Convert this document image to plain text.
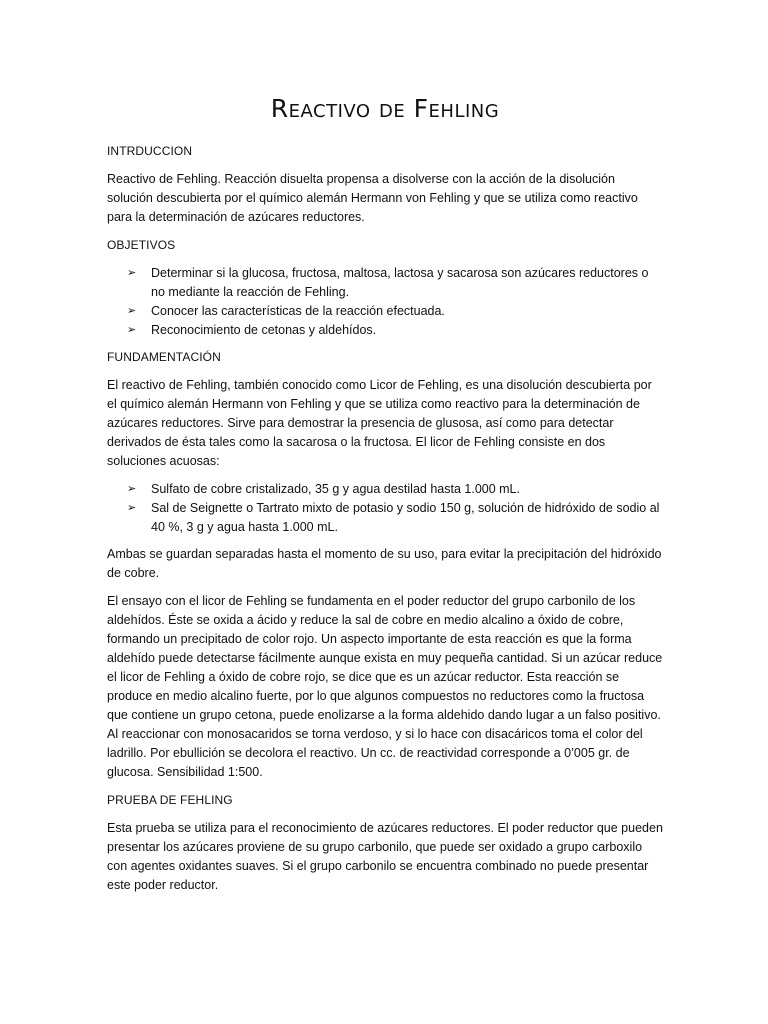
Reactivo de Fehling
INTRDUCCION

Reactivo de Fehling. Reacción disuelta propensa a disolverse con la acción de la disolución solución descubierta por el químico alemán Hermann von Fehling y que se utiliza como reactivo para la determinación de azúcares reductores.

OBJETIVOS
➢ Determinar si la glucosa, fructosa, maltosa, lactosa y sacarosa son azúcares reductores o no mediante la reacción de Fehling.
➢ Conocer las características de la reacción efectuada.
➢ Reconocimiento de cetonas y aldehídos.
FUNDAMENTACIÓN

El reactivo de Fehling, también conocido como Licor de Fehling, es una disolución descubierta por el químico alemán Hermann von Fehling y que se utiliza como reactivo para la determinación de azúcares reductores. Sirve para demostrar la presencia de glusosa, así como para detectar derivados de ésta tales como la sacarosa o la fructosa. El licor de Fehling consiste en dos soluciones acuosas:

➢ Sulfato de cobre cristalizado, 35 g y agua destilad hasta 1.000 mL.
➢ Sal de Seignette o Tartrato mixto de potasio y sodio 150 g, solución de hidróxido de sodio al 40 %, 3 g y agua hasta 1.000 mL.

Ambas se guardan separadas hasta el momento de su uso, para evitar la precipitación del hidróxido de cobre.

El ensayo con el licor de Fehling se fundamenta en el poder reductor del grupo carbonilo de los aldehídos. Éste se oxida a ácido y reduce la sal de cobre en medio alcalino a óxido de cobre, formando un precipitado de color rojo. Un aspecto importante de esta reacción es que la forma aldehído puede detectarse fácilmente aunque exista en muy pequeña cantidad. Si un azúcar reduce el licor de Fehling a óxido de cobre rojo, se dice que es un azúcar reductor. Esta reacción se produce en medio alcalino fuerte, por lo que algunos compuestos no reductores como la fructosa que contiene un grupo cetona, puede enolizarse a la forma aldehido dando lugar a un falso positivo. Al reaccionar con monosacaridos se torna verdoso, y si lo hace con disacáricos toma el color del ladrillo. Por ebullición se decolora el reactivo. Un cc. de reactividad corresponde a 0’005 gr. de glucosa. Sensibilidad 1:500.

PRUEBA DE FEHLING

Esta prueba se utiliza para el reconocimiento de azúcares reductores. El poder reductor que pueden presentar los azúcares proviene de su grupo carbonilo, que puede ser oxidado a grupo carboxilo con agentes oxidantes suaves. Si el grupo carbonilo se encuentra combinado no puede presentar este poder reductor.
